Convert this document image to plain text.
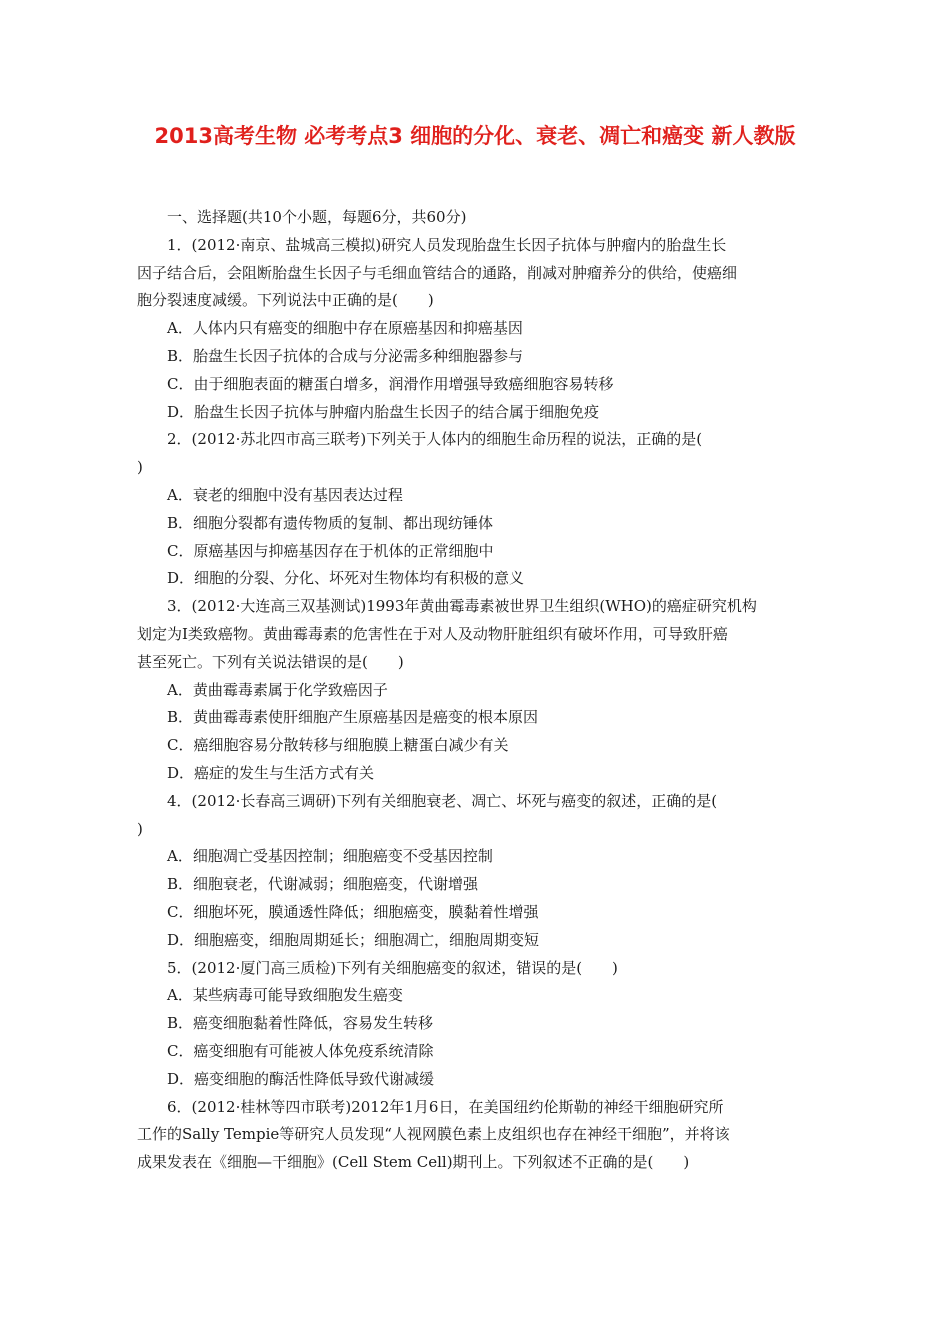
2013高考生物 必考考点3 细胞的分化、衰老、凋亡和癌变 新人教版
一、选择题(共10个小题，每题6分，共60分)
1．(2012·南京、盐城高三模拟)研究人员发现胎盘生长因子抗体与肿瘤内的胎盘生长
因子结合后，会阻断胎盘生长因子与毛细血管结合的通路，削减对肿瘤养分的供给，使癌细
胞分裂速度减缓。下列说法中正确的是(　　)
A．人体内只有癌变的细胞中存在原癌基因和抑癌基因
B．胎盘生长因子抗体的合成与分泌需多种细胞器参与
C．由于细胞表面的糖蛋白增多，润滑作用增强导致癌细胞容易转移
D．胎盘生长因子抗体与肿瘤内胎盘生长因子的结合属于细胞免疫
2．(2012·苏北四市高三联考)下列关于人体内的细胞生命历程的说法，正确的是(
)
A．衰老的细胞中没有基因表达过程
B．细胞分裂都有遗传物质的复制、都出现纺锤体
C．原癌基因与抑癌基因存在于机体的正常细胞中
D．细胞的分裂、分化、坏死对生物体均有积极的意义
3．(2012·大连高三双基测试)1993年黄曲霉毒素被世界卫生组织(WHO)的癌症研究机构
划定为Ⅰ类致癌物。黄曲霉毒素的危害性在于对人及动物肝脏组织有破坏作用，可导致肝癌
甚至死亡。下列有关说法错误的是(　　)
A．黄曲霉毒素属于化学致癌因子
B．黄曲霉毒素使肝细胞产生原癌基因是癌变的根本原因
C．癌细胞容易分散转移与细胞膜上糖蛋白减少有关
D．癌症的发生与生活方式有关
4．(2012·长春高三调研)下列有关细胞衰老、凋亡、坏死与癌变的叙述，正确的是(
)
A．细胞凋亡受基因控制；细胞癌变不受基因控制
B．细胞衰老，代谢减弱；细胞癌变，代谢增强
C．细胞坏死，膜通透性降低；细胞癌变，膜黏着性增强
D．细胞癌变，细胞周期延长；细胞凋亡，细胞周期变短
5．(2012·厦门高三质检)下列有关细胞癌变的叙述，错误的是(　　)
A．某些病毒可能导致细胞发生癌变
B．癌变细胞黏着性降低，容易发生转移
C．癌变细胞有可能被人体免疫系统清除
D．癌变细胞的酶活性降低导致代谢减缓
6．(2012·桂林等四市联考)2012年1月6日，在美国纽约伦斯勒的神经干细胞研究所
工作的Sally Tempie等研究人员发现“人视网膜色素上皮组织也存在神经干细胞”，并将该
成果发表在《细胞—干细胞》(Cell Stem Cell)期刊上。下列叙述不正确的是(　　)
